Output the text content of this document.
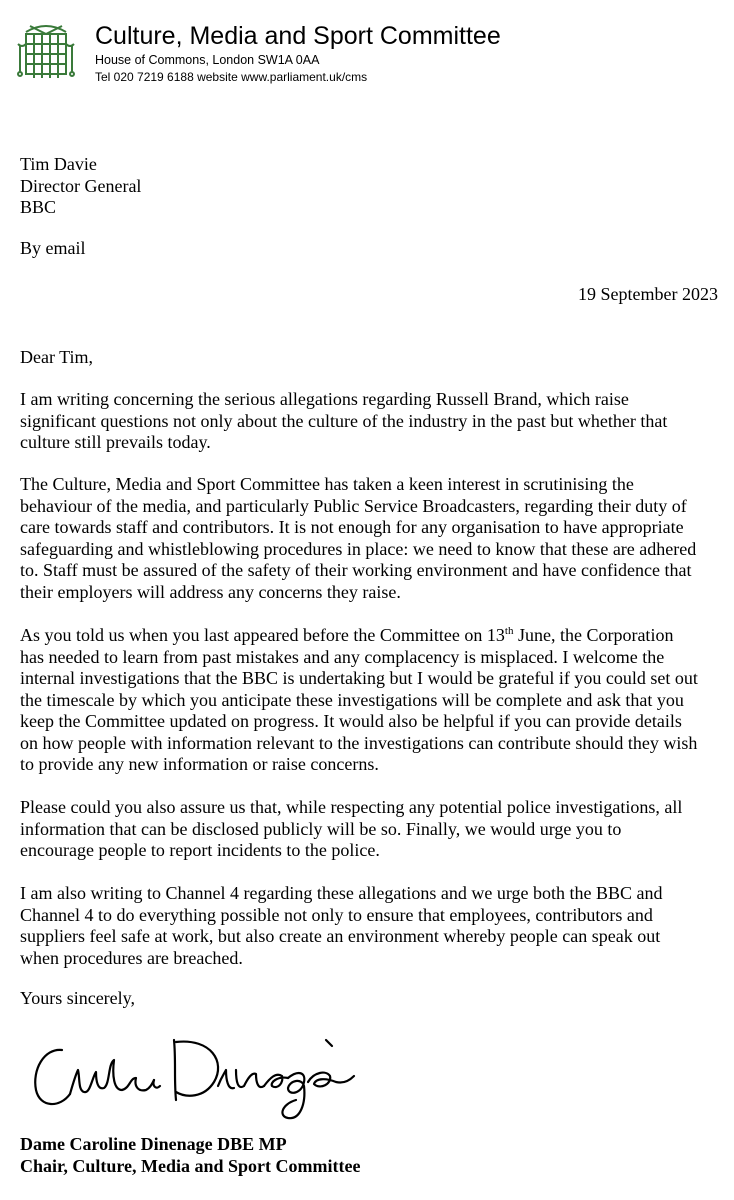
Culture, Media and Sport Committee
House of Commons, London SW1A 0AA
Tel 020 7219 6188 website www.parliament.uk/cms
Tim Davie
Director General
BBC
By email
19 September 2023
Dear Tim,
I am writing concerning the serious allegations regarding Russell Brand, which raise
significant questions not only about the culture of the industry in the past but whether that
culture still prevails today.
The Culture, Media and Sport Committee has taken a keen interest in scrutinising the
behaviour of the media, and particularly Public Service Broadcasters, regarding their duty of
care towards staff and contributors. It is not enough for any organisation to have appropriate
safeguarding and whistleblowing procedures in place: we need to know that these are adhered
to. Staff must be assured of the safety of their working environment and have confidence that
their employers will address any concerns they raise.
As you told us when you last appeared before the Committee on 13th June, the Corporation
has needed to learn from past mistakes and any complacency is misplaced. I welcome the
internal investigations that the BBC is undertaking but I would be grateful if you could set out
the timescale by which you anticipate these investigations will be complete and ask that you
keep the Committee updated on progress. It would also be helpful if you can provide details
on how people with information relevant to the investigations can contribute should they wish
to provide any new information or raise concerns.
Please could you also assure us that, while respecting any potential police investigations, all
information that can be disclosed publicly will be so. Finally, we would urge you to
encourage people to report incidents to the police.
I am also writing to Channel 4 regarding these allegations and we urge both the BBC and
Channel 4 to do everything possible not only to ensure that employees, contributors and
suppliers feel safe at work, but also create an environment whereby people can speak out
when procedures are breached.
Yours sincerely,
Dame Caroline Dinenage DBE MP
Chair, Culture, Media and Sport Committee
